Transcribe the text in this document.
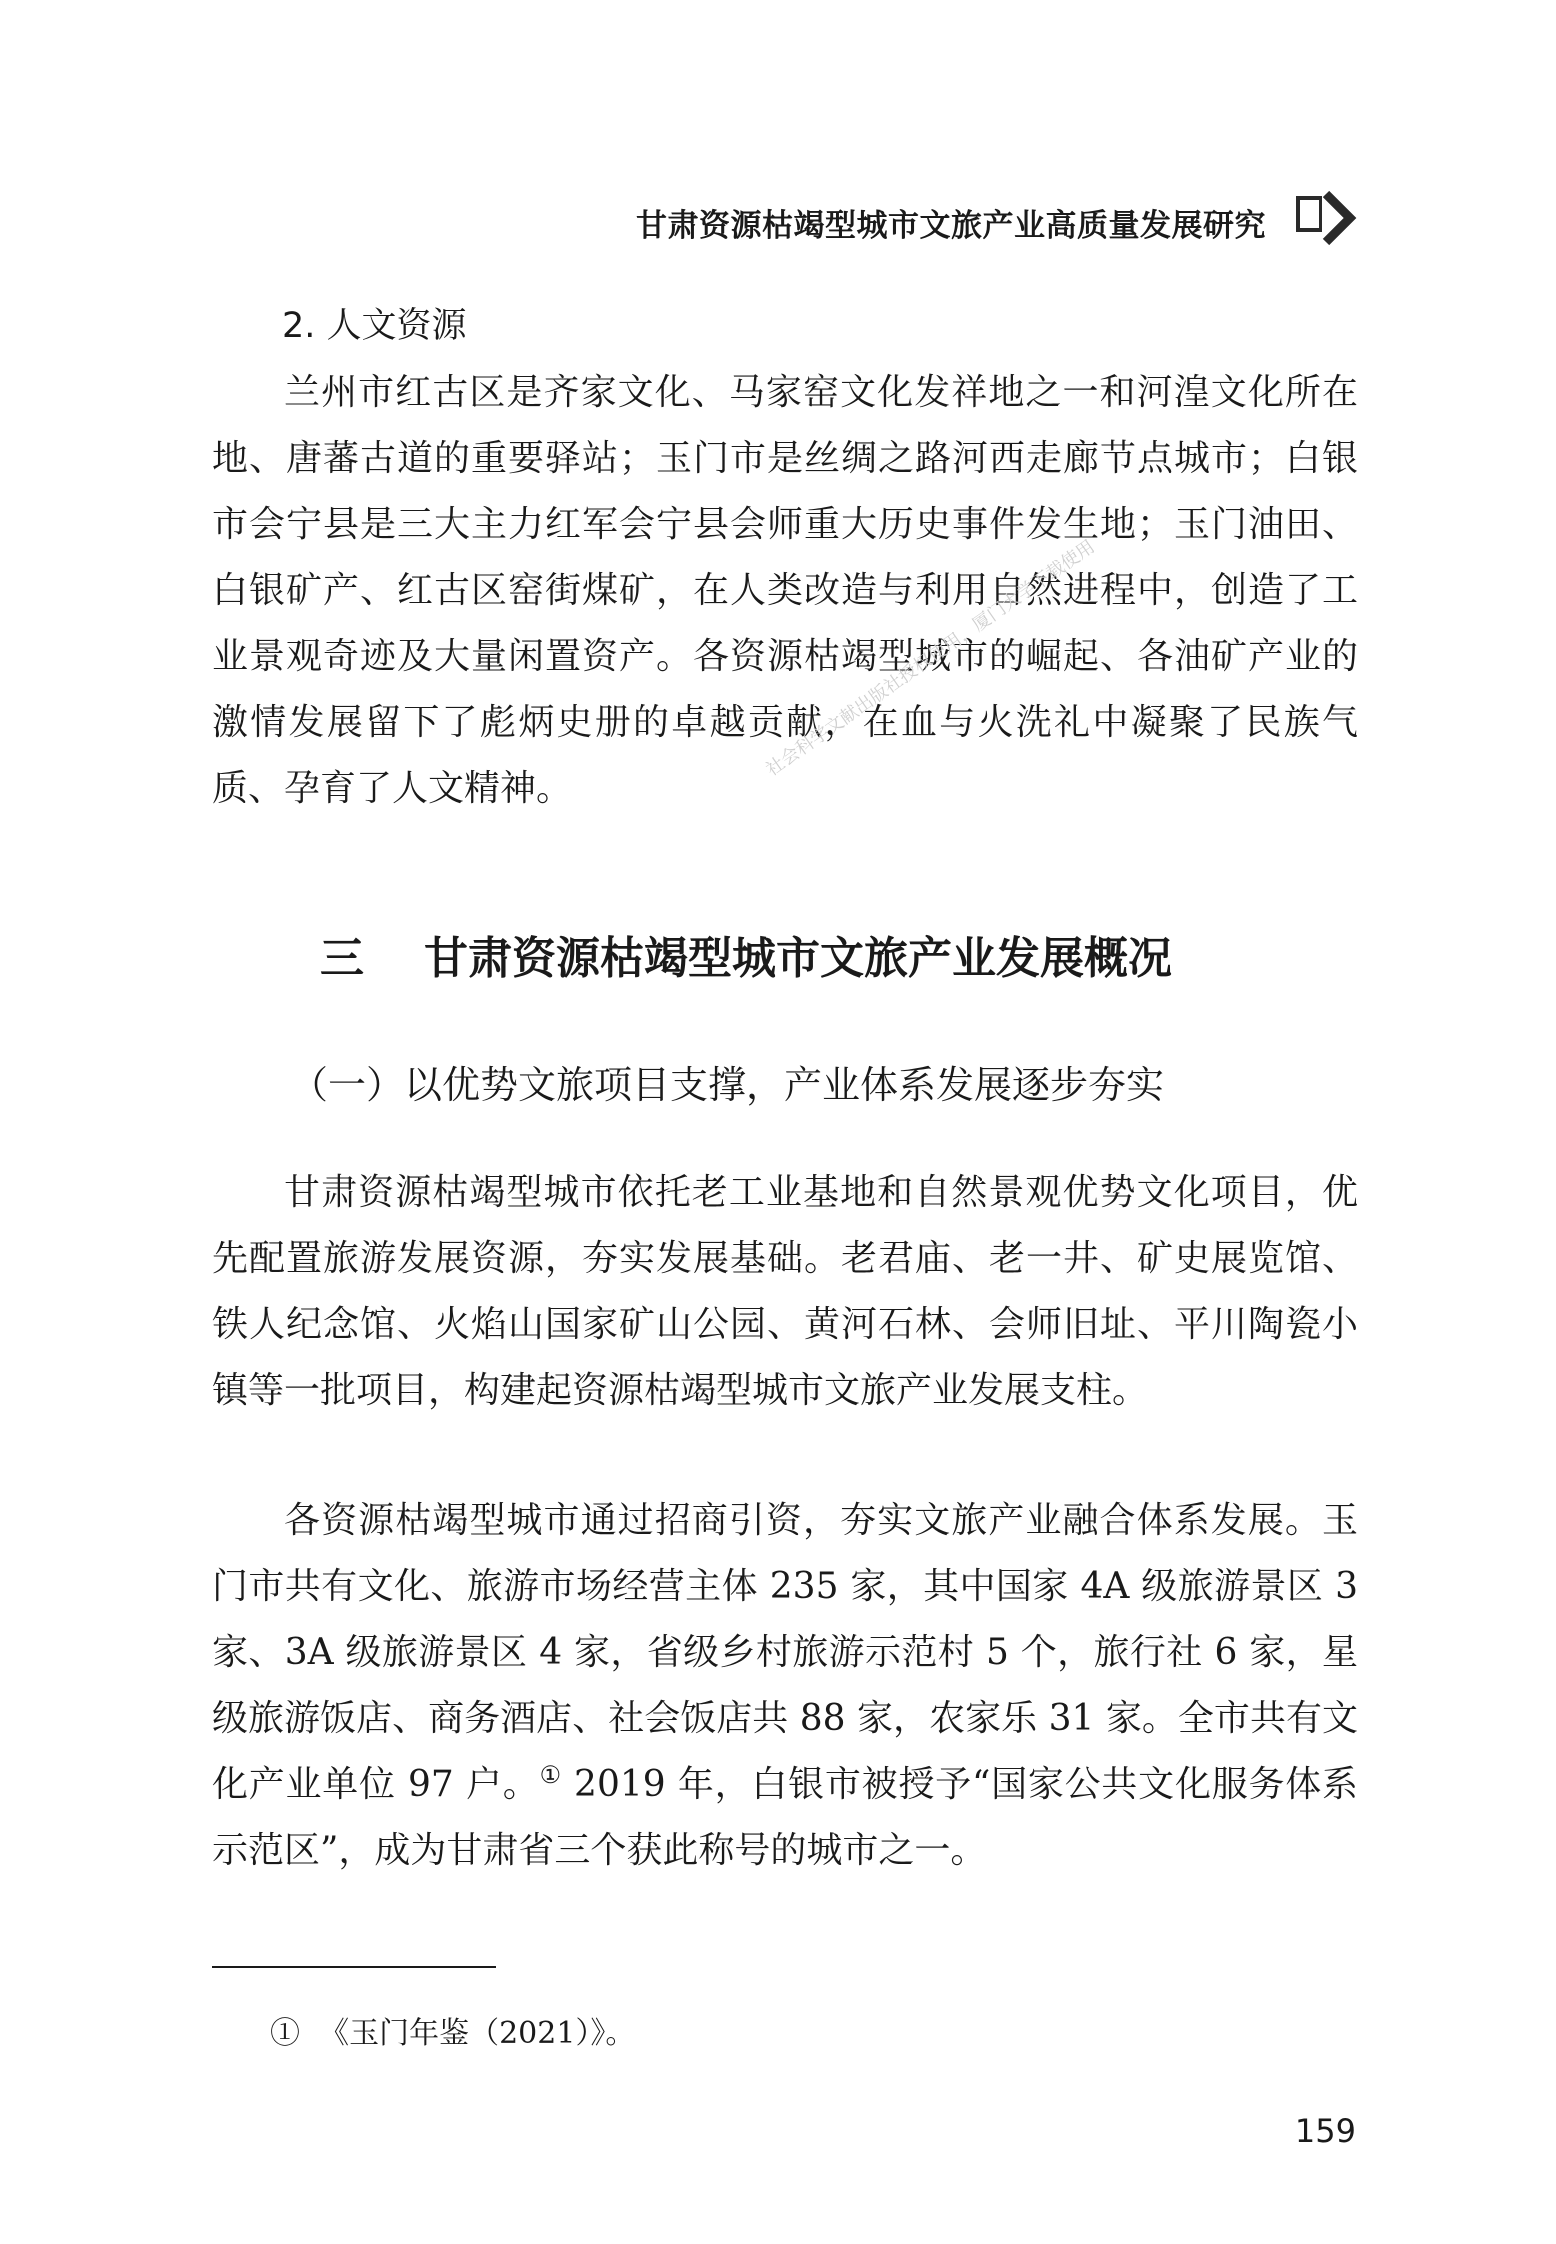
甘肃资源枯竭型城市文旅产业高质量发展研究
2. 人文资源

兰州市红古区是齐家文化、马家窑文化发祥地之一和河湟文化所在地、唐蕃古道的重要驿站；玉门市是丝绸之路河西走廊节点城市；白银市会宁县是三大主力红军会宁县会师重大历史事件发生地；玉门油田、白银矿产、红古区窑街煤矿，在人类改造与利用自然进程中，创造了工业景观奇迹及大量闲置资产。各资源枯竭型城市的崛起、各油矿产业的激情发展留下了彪炳史册的卓越贡献，在血与火洗礼中凝聚了民族气质、孕育了人文精神。

三 甘肃资源枯竭型城市文旅产业发展概况
（一）以优势文旅项目支撑，产业体系发展逐步夯实

甘肃资源枯竭型城市依托老工业基地和自然景观优势文化项目，优先配置旅游发展资源，夯实发展基础。老君庙、老一井、矿史展览馆、铁人纪念馆、火焰山国家矿山公园、黄河石林、会师旧址、平川陶瓷小镇等一批项目，构建起资源枯竭型城市文旅产业发展支柱。

各资源枯竭型城市通过招商引资，夯实文旅产业融合体系发展。玉门市共有文化、旅游市场经营主体 235 家，其中国家 4A 级旅游景区 3 家、3A 级旅游景区 4 家，省级乡村旅游示范村 5 个，旅行社 6 家，星级旅游饭店、商务酒店、社会饭店共 88 家，农家乐 31 家。全市共有文化产业单位 97 户。① 2019 年，白银市被授予“国家公共文化服务体系示范区”，成为甘肃省三个获此称号的城市之一。

① 《玉门年鉴（2021）》。
159
社会科学文献出版社授权使用，厦门大学下载使用
